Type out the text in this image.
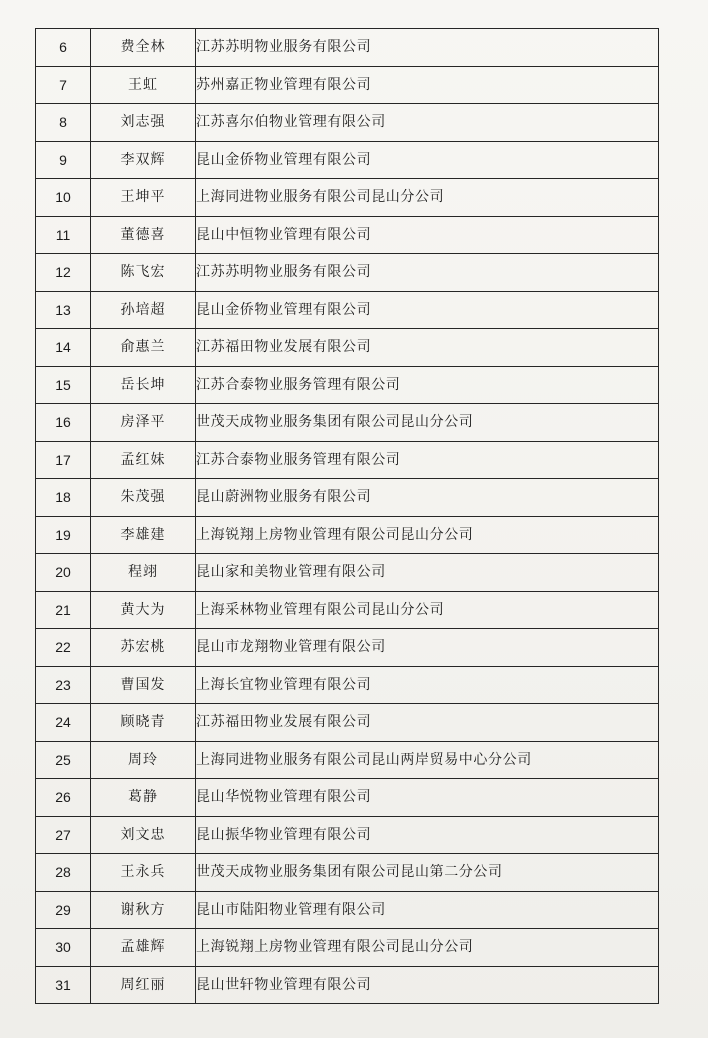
6	费全林	江苏苏明物业服务有限公司
7	王虹	苏州嘉正物业管理有限公司
8	刘志强	江苏喜尔伯物业管理有限公司
9	李双辉	昆山金侨物业管理有限公司
10	王坤平	上海同进物业服务有限公司昆山分公司
11	董德喜	昆山中恒物业管理有限公司
12	陈飞宏	江苏苏明物业服务有限公司
13	孙培超	昆山金侨物业管理有限公司
14	俞惠兰	江苏福田物业发展有限公司
15	岳长坤	江苏合泰物业服务管理有限公司
16	房泽平	世茂天成物业服务集团有限公司昆山分公司
17	孟红妹	江苏合泰物业服务管理有限公司
18	朱茂强	昆山蔚洲物业服务有限公司
19	李雄建	上海锐翔上房物业管理有限公司昆山分公司
20	程翊	昆山家和美物业管理有限公司
21	黄大为	上海采林物业管理有限公司昆山分公司
22	苏宏桃	昆山市龙翔物业管理有限公司
23	曹国发	上海长宜物业管理有限公司
24	顾晓青	江苏福田物业发展有限公司
25	周玲	上海同进物业服务有限公司昆山两岸贸易中心分公司
26	葛静	昆山华悦物业管理有限公司
27	刘文忠	昆山振华物业管理有限公司
28	王永兵	世茂天成物业服务集团有限公司昆山第二分公司
29	谢秋方	昆山市陆阳物业管理有限公司
30	孟雄辉	上海锐翔上房物业管理有限公司昆山分公司
31	周红丽	昆山世轩物业管理有限公司
